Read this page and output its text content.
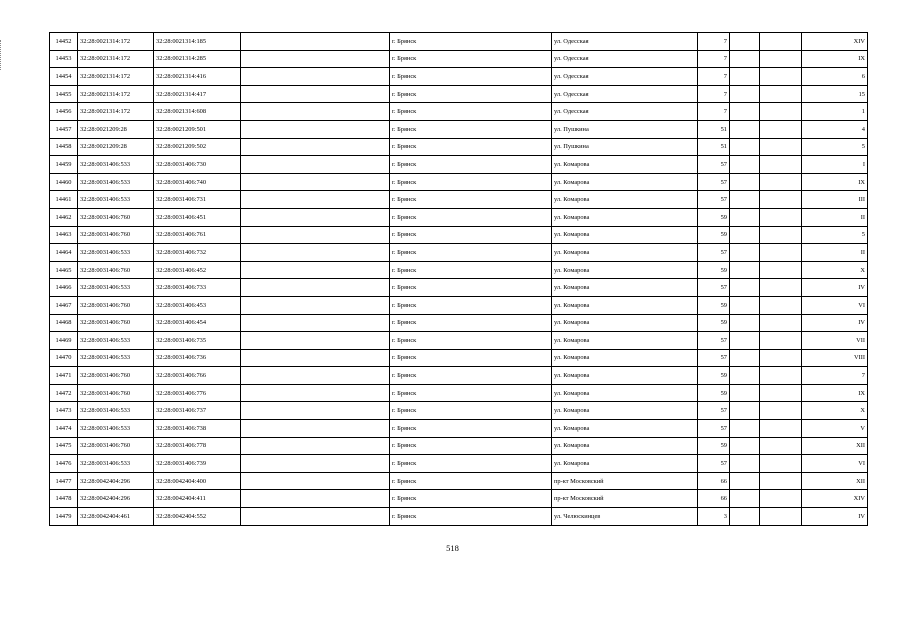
14452	32:28:0021314:172	32:28:0021314:185		г. Брянск	ул. Одесская	7			XIV
14453	32:28:0021314:172	32:28:0021314:285		г. Брянск	ул. Одесская	7			IX
14454	32:28:0021314:172	32:28:0021314:416		г. Брянск	ул. Одесская	7			6
14455	32:28:0021314:172	32:28:0021314:417		г. Брянск	ул. Одесская	7			15
14456	32:28:0021314:172	32:28:0021314:608		г. Брянск	ул. Одесская	7			1
14457	32:28:0021209:28	32:28:0021209:501		г. Брянск	ул. Пушкина	51			4
14458	32:28:0021209:28	32:28:0021209:502		г. Брянск	ул. Пушкина	51			5
14459	32:28:0031406:533	32:28:0031406:730		г. Брянск	ул. Комарова	57			I
14460	32:28:0031406:533	32:28:0031406:740		г. Брянск	ул. Комарова	57			IX
14461	32:28:0031406:533	32:28:0031406:731		г. Брянск	ул. Комарова	57			III
14462	32:28:0031406:760	32:28:0031406:451		г. Брянск	ул. Комарова	59			II
14463	32:28:0031406:760	32:28:0031406:761		г. Брянск	ул. Комарова	59			5
14464	32:28:0031406:533	32:28:0031406:732		г. Брянск	ул. Комарова	57			II
14465	32:28:0031406:760	32:28:0031406:452		г. Брянск	ул. Комарова	59			X
14466	32:28:0031406:533	32:28:0031406:733		г. Брянск	ул. Комарова	57			IV
14467	32:28:0031406:760	32:28:0031406:453		г. Брянск	ул. Комарова	59			VI
14468	32:28:0031406:760	32:28:0031406:454		г. Брянск	ул. Комарова	59			IV
14469	32:28:0031406:533	32:28:0031406:735		г. Брянск	ул. Комарова	57			VII
14470	32:28:0031406:533	32:28:0031406:736		г. Брянск	ул. Комарова	57			VIII
14471	32:28:0031406:760	32:28:0031406:766		г. Брянск	ул. Комарова	59			7
14472	32:28:0031406:760	32:28:0031406:776		г. Брянск	ул. Комарова	59			IX
14473	32:28:0031406:533	32:28:0031406:737		г. Брянск	ул. Комарова	57			X
14474	32:28:0031406:533	32:28:0031406:738		г. Брянск	ул. Комарова	57			V
14475	32:28:0031406:760	32:28:0031406:778		г. Брянск	ул. Комарова	59			XII
14476	32:28:0031406:533	32:28:0031406:739		г. Брянск	ул. Комарова	57			VI
14477	32:28:0042404:296	32:28:0042404:400		г. Брянск	пр-кт Московский	66			XII
14478	32:28:0042404:296	32:28:0042404:411		г. Брянск	пр-кт Московский	66			XIV
14479	32:28:0042404:461	32:28:0042404:552		г. Брянск	ул. Челюскинцев	3			IV
518
